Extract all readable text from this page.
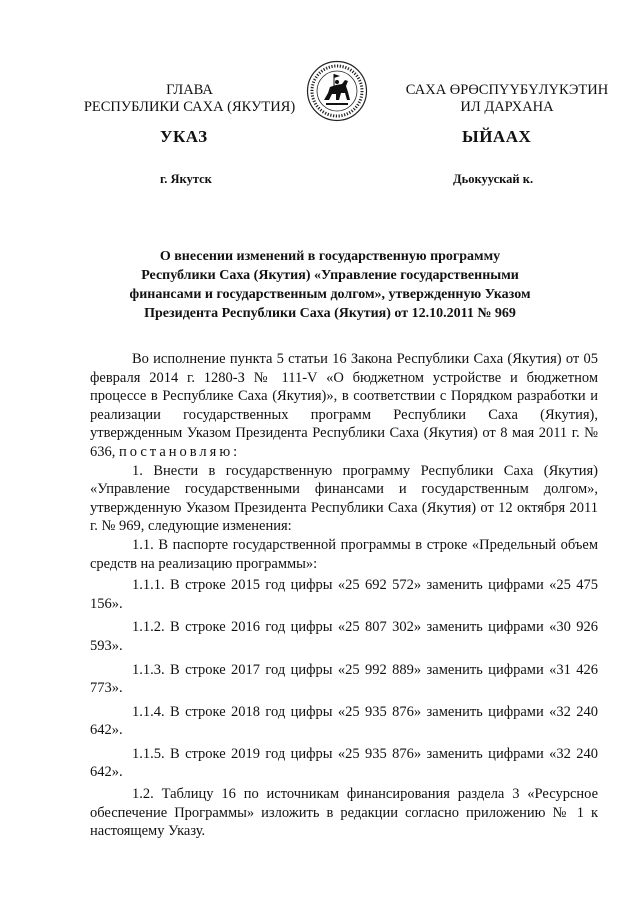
ГЛАВА
РЕСПУБЛИКИ САХА (ЯКУТИЯ)
САХА ӨРӨСПҮҮБҮЛҮКЭТИН
ИЛ ДАРХАНА
УКАЗ	ЫЙААХ
г. Якутск	Дьокуускай к.
О внесении изменений в государственную программу
Республики Саха (Якутия) «Управление государственными
финансами и государственным долгом», утвержденную Указом
Президента Республики Саха (Якутия) от 12.10.2011 № 969

Во исполнение пункта 5 статьи 16 Закона Республики Саха (Якутия) от 05 февраля 2014 г. 1280-З № 111-V «О бюджетном устройстве и бюджетном процессе в Республике Саха (Якутия)», в соответствии с Порядком разработки и реализации государственных программ Республики Саха (Якутия), утвержденным Указом Президента Республики Саха (Якутия) от 8 мая 2011 г. № 636, постановляю:

1. Внести в государственную программу Республики Саха (Якутия) «Управление государственными финансами и государственным долгом», утвержденную Указом Президента Республики Саха (Якутия) от 12 октября 2011 г. № 969, следующие изменения:

1.1. В паспорте государственной программы в строке «Предельный объем средств на реализацию программы»:

1.1.1. В строке 2015 год цифры «25 692 572» заменить цифрами «25 475 156».

1.1.2. В строке 2016 год цифры «25 807 302» заменить цифрами «30 926 593».

1.1.3. В строке 2017 год цифры «25 992 889» заменить цифрами «31 426 773».

1.1.4. В строке 2018 год цифры «25 935 876» заменить цифрами «32 240 642».

1.1.5. В строке 2019 год цифры «25 935 876» заменить цифрами «32 240 642».

1.2. Таблицу 16 по источникам финансирования раздела 3 «Ресурсное обеспечение Программы» изложить в редакции согласно приложению № 1 к настоящему Указу.
